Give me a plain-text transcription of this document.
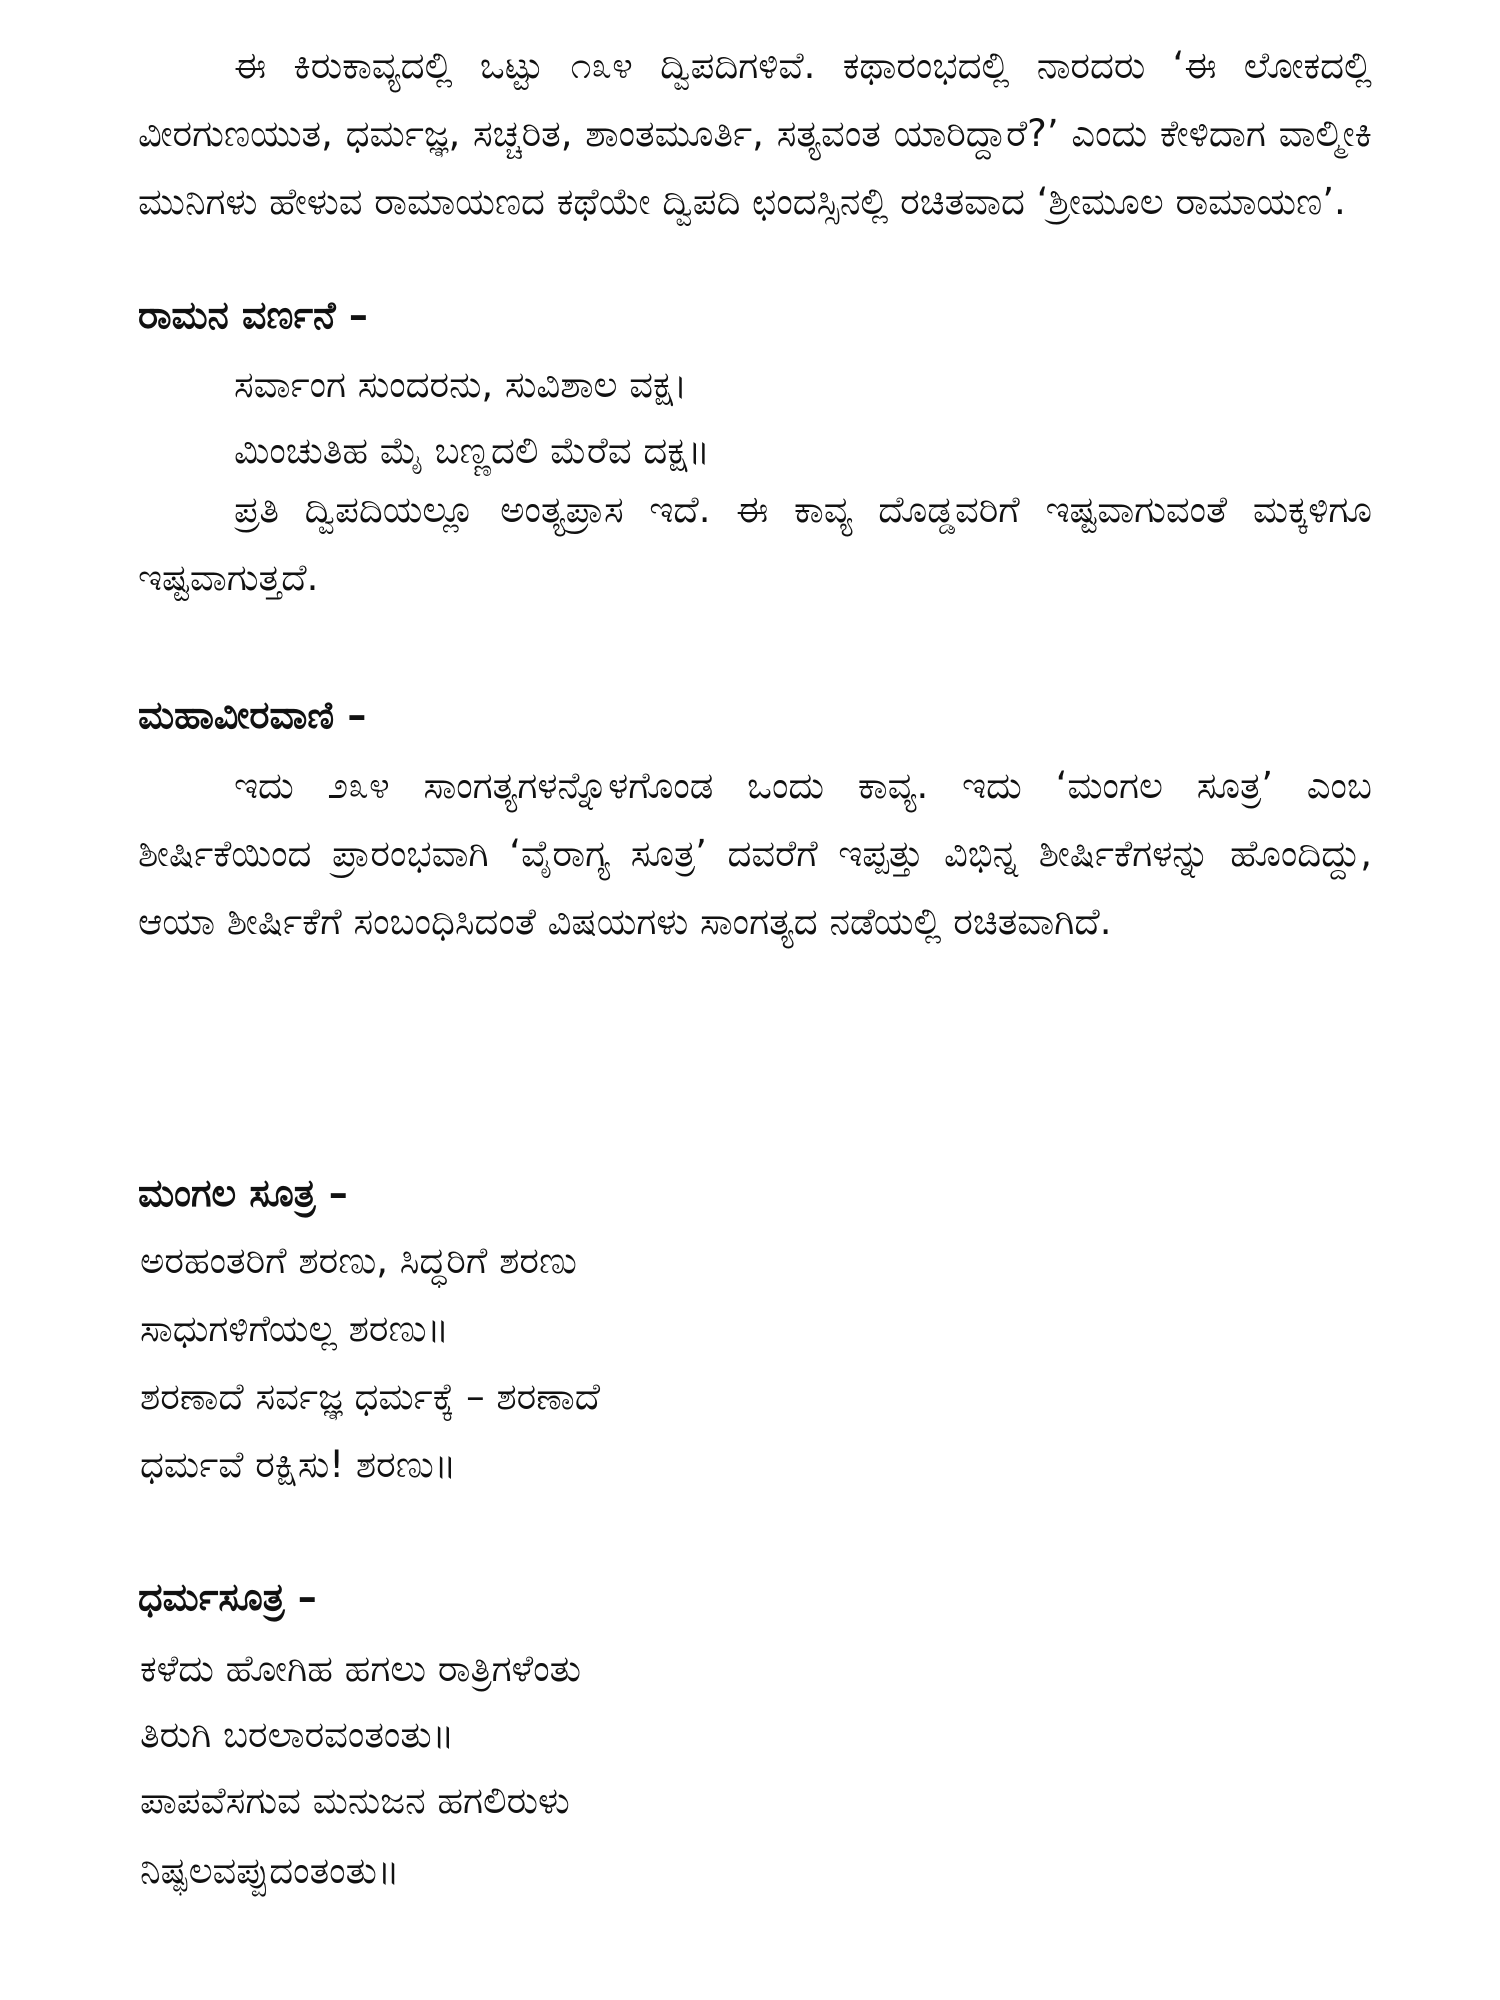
ಈ ಕಿರುಕಾವ್ಯದಲ್ಲಿ ಒಟ್ಟು ೧೩೪ ದ್ವಿಪದಿಗಳಿವೆ. ಕಥಾರಂಭದಲ್ಲಿ ನಾರದರು ‘ಈ ಲೋಕದಲ್ಲಿ ವೀರಗುಣಯುತ, ಧರ್ಮಜ್ಞ, ಸಚ್ಚರಿತ, ಶಾಂತಮೂರ್ತಿ, ಸತ್ಯವಂತ ಯಾರಿದ್ದಾರೆ?’ ಎಂದು ಕೇಳಿದಾಗ ವಾಲ್ಮೀಕಿ ಮುನಿಗಳು ಹೇಳುವ ರಾಮಾಯಣದ ಕಥೆಯೇ ದ್ವಿಪದಿ ಛಂದಸ್ಸಿನಲ್ಲಿ ರಚಿತವಾದ ‘ಶ್ರೀಮೂಲ ರಾಮಾಯಣ’.

ರಾಮನ ವರ್ಣನೆ –

ಸರ್ವಾಂಗ ಸುಂದರನು, ಸುವಿಶಾಲ ವಕ್ಷ।

ಮಿಂಚುತಿಹ ಮೈ ಬಣ್ಣದಲಿ ಮೆರೆವ ದಕ್ಷ॥

ಪ್ರತಿ ದ್ವಿಪದಿಯಲ್ಲೂ ಅಂತ್ಯಪ್ರಾಸ ಇದೆ. ಈ ಕಾವ್ಯ ದೊಡ್ಡವರಿಗೆ ಇಷ್ಟವಾಗುವಂತೆ ಮಕ್ಕಳಿಗೂ ಇಷ್ಟವಾಗುತ್ತದೆ.

ಮಹಾವೀರವಾಣಿ –

ಇದು ೨೩೪ ಸಾಂಗತ್ಯಗಳನ್ನೊಳಗೊಂಡ ಒಂದು ಕಾವ್ಯ. ಇದು ‘ಮಂಗಲ ಸೂತ್ರ’ ಎಂಬ ಶೀರ್ಷಿಕೆಯಿಂದ ಪ್ರಾರಂಭವಾಗಿ ‘ವೈರಾಗ್ಯ ಸೂತ್ರ’ ದವರೆಗೆ ಇಪ್ಪತ್ತು ವಿಭಿನ್ನ ಶೀರ್ಷಿಕೆಗಳನ್ನು ಹೊಂದಿದ್ದು, ಆಯಾ ಶೀರ್ಷಿಕೆಗೆ ಸಂಬಂಧಿಸಿದಂತೆ ವಿಷಯಗಳು ಸಾಂಗತ್ಯದ ನಡೆಯಲ್ಲಿ ರಚಿತವಾಗಿದೆ.

ಮಂಗಲ ಸೂತ್ರ –

ಅರಹಂತರಿಗೆ ಶರಣು, ಸಿದ್ಧರಿಗೆ ಶರಣು

ಸಾಧುಗಳಿಗೆಯಲ್ಲ ಶರಣು॥

ಶರಣಾದೆ ಸರ್ವಜ್ಞ ಧರ್ಮಕ್ಕೆ – ಶರಣಾದೆ

ಧರ್ಮವೆ ರಕ್ಷಿಸು! ಶರಣು॥

ಧರ್ಮಸೂತ್ರ –

ಕಳೆದು ಹೋಗಿಹ ಹಗಲು ರಾತ್ರಿಗಳೆಂತು

ತಿರುಗಿ ಬರಲಾರವಂತಂತು॥

ಪಾಪವೆಸಗುವ ಮನುಜನ ಹಗಲಿರುಳು

ನಿಷ್ಫಲವಪ್ಪುದಂತಂತು॥
